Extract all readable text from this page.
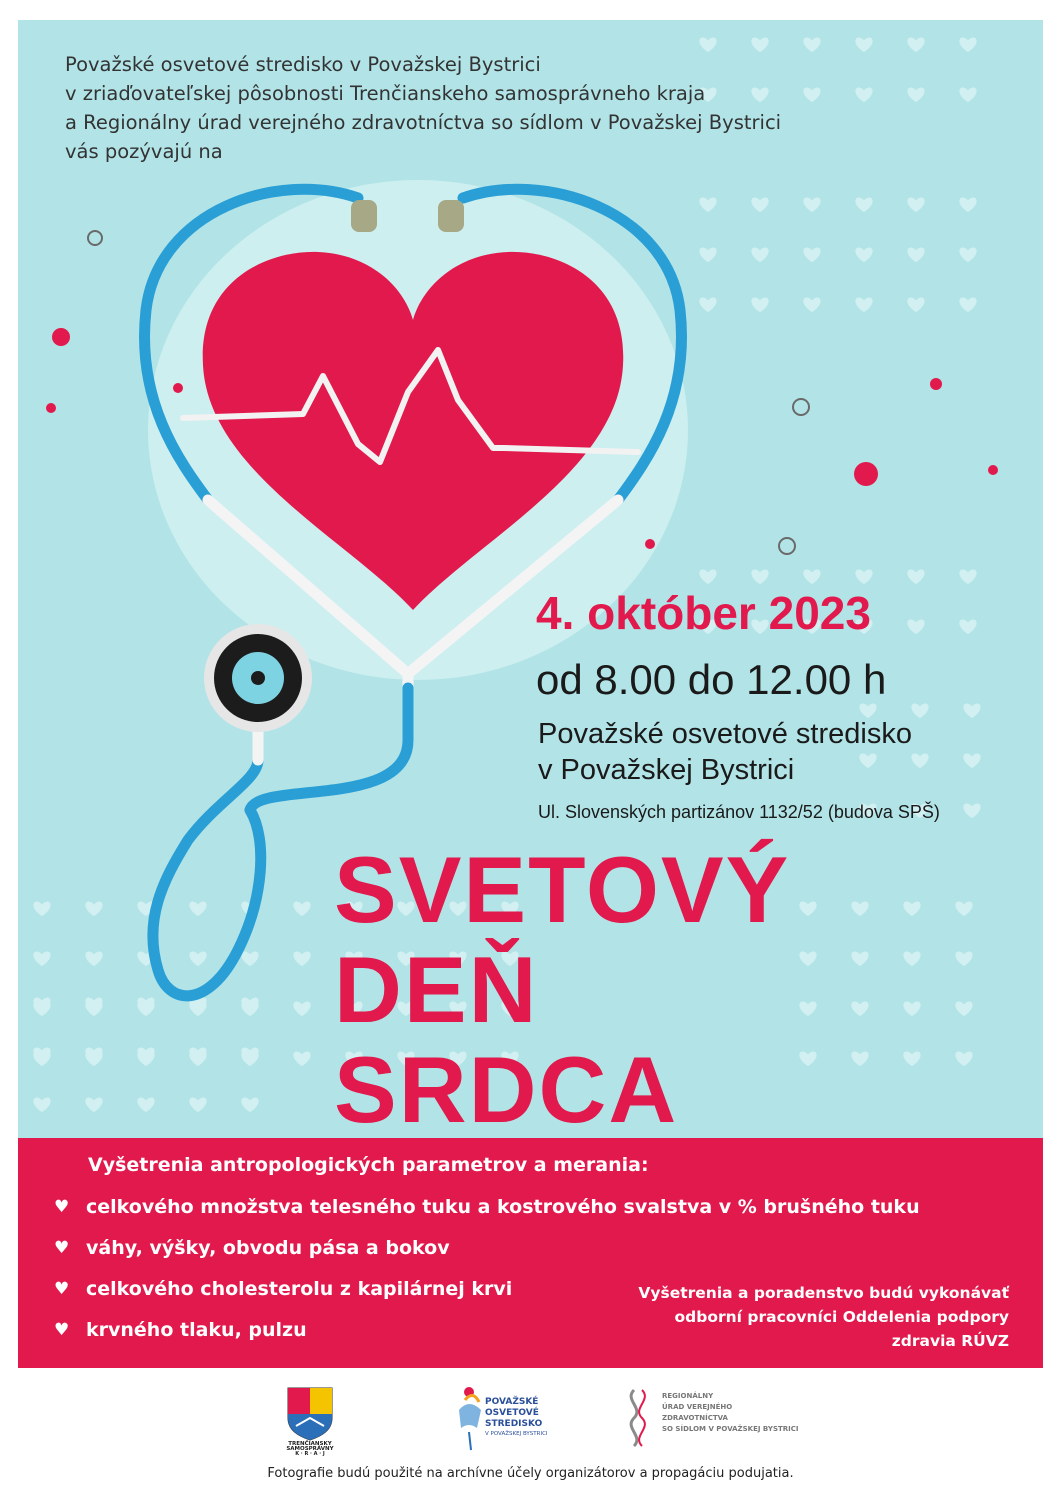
Považské osvetové stredisko v Považskej Bystrici
v zriaďovateľskej pôsobnosti Trenčianskeho samosprávneho kraja
a Regionálny úrad verejného zdravotníctva so sídlom v Považskej Bystrici
vás pozývajú na
4. október 2023
od 8.00 do 12.00 h
Považské osvetové stredisko
v Považskej Bystrici
Ul. Slovenských partizánov 1132/52 (budova SPŠ)
SVETOVÝ
DEŇ
SRDCA
Vyšetrenia antropologických parametrov a merania:
♥ celkového množstva telesného tuku a kostrového svalstva v % brušného tuku
♥ váhy, výšky, obvodu pása a bokov
♥ celkového cholesterolu z kapilárnej krvi
♥ krvného tlaku, pulzu
Vyšetrenia a poradenstvo budú vykonávať
odborní pracovníci Oddelenia podpory
zdravia RÚVZ
TRENČIANSKY
SAMOSPRÁVNY
K · R · A · J
POVAŽSKÉ
OSVETOVÉ
STREDISKO
V POVAŽSKEJ BYSTRICI
REGIONÁLNY
ÚRAD VEREJNÉHO
ZDRAVOTNÍCTVA
SO SÍDLOM V POVAŽSKEJ BYSTRICI
Fotografie budú použité na archívne účely organizátorov a propagáciu podujatia.
